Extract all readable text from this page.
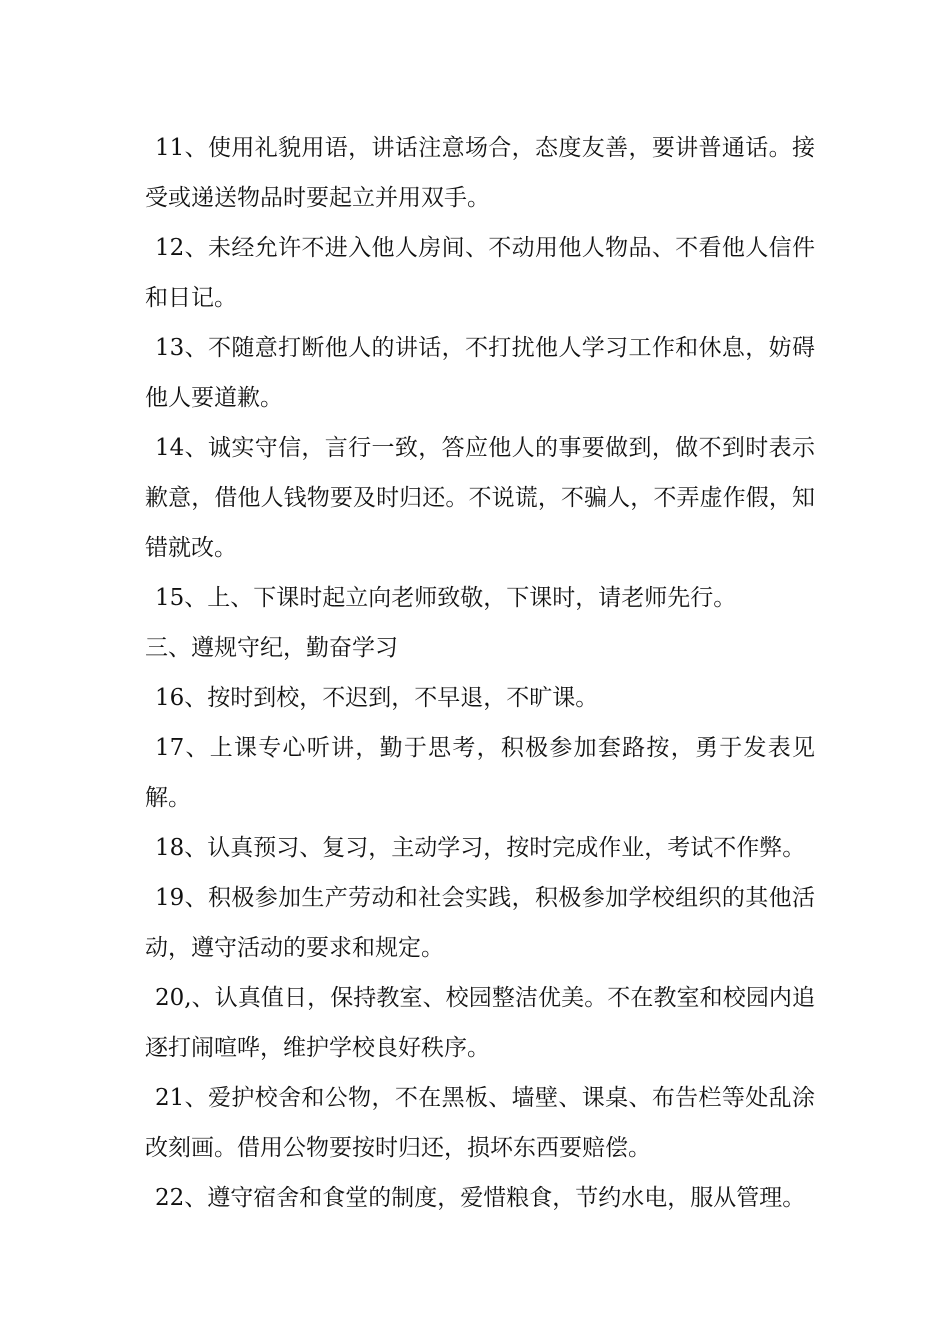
11、使用礼貌用语，讲话注意场合，态度友善，要讲普通话。接受或递送物品时要起立并用双手。

12、未经允许不进入他人房间、不动用他人物品、不看他人信件和日记。

13、不随意打断他人的讲话，不打扰他人学习工作和休息，妨碍他人要道歉。

14、诚实守信，言行一致，答应他人的事要做到，做不到时表示歉意，借他人钱物要及时归还。不说谎，不骗人，不弄虚作假，知错就改。

15、上、下课时起立向老师致敬，下课时，请老师先行。

三、遵规守纪，勤奋学习

16、按时到校，不迟到，不早退，不旷课。

17、上课专心听讲，勤于思考，积极参加套路按，勇于发表见解。

18、认真预习、复习，主动学习，按时完成作业，考试不作弊。

19、积极参加生产劳动和社会实践，积极参加学校组织的其他活动，遵守活动的要求和规定。

20,、认真值日，保持教室、校园整洁优美。不在教室和校园内追逐打闹喧哗，维护学校良好秩序。

21、爱护校舍和公物，不在黑板、墙壁、课桌、布告栏等处乱涂改刻画。借用公物要按时归还，损坏东西要赔偿。

22、遵守宿舍和食堂的制度，爱惜粮食，节约水电，服从管理。
